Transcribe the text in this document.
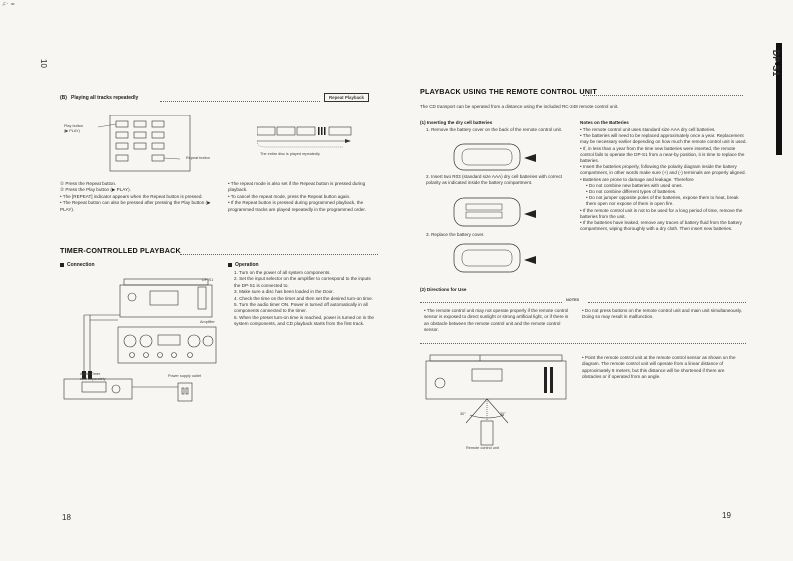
ぶ・ ıw
10	DP-S1
(B) Playing all tracks repeatedly	Repeat Playback
Play button
(▶ PLAY)
Repeat button
The entire disc is played repeatedly
① Press the Repeat button.
② Press the Play button (▶ PLAY).
• The [REPEAT] indicator appears when the Repeat button is pressed.
• The Repeat button can also be pressed after pressing the Play button (▶ PLAY).
• The repeat mode is also set if the Repeat button is pressed during playback.
• To cancel the repeat mode, press the Repeat button again.
• If the Repeat button is pressed during programmed playback, the programmed tracks are played repeatedly in the programmed order.
TIMER-CONTROLLED PLAYBACK
Connection	Operation
DP-S1
Amplifier
Audio Timer
sold separately
Power supply outlet
1. Turn on the power of all system components.
2. Set the input selector on the amplifier to correspond to the inputs the DP-S1 is connected to.
3. Make sure a disc has been loaded in the Door.
4. Check the time on the timer and then set the desired turn-on time.
5. Turn the audio timer ON. Power is turned off automatically in all components connected to the timer.
6. When the preset turn-on time is reached, power is turned on in the system components, and CD playback starts from the first track.
18
PLAYBACK USING THE REMOTE CONTROL UNIT
The CD transport can be operated from a distance using the included RC-248 remote control unit.
(1) Inserting the dry cell batteries
1. Remove the battery cover on the back of the remote control unit.
2. Insert two R03 (standard size AAA) dry cell batteries with correct polarity as indicated inside the battery compartment.
3. Replace the battery cover.
Notes on the Batteries
• The remote control unit uses standard size AAA dry cell batteries.
• The batteries will need to be replaced approximately once a year. Replacement may be necessary earlier depending on how much the remote control unit is used.
• If, in less than a year from the time new batteries were inserted, the remote control fails to operate the DP-S1 from a near-by position, it is time to replace the batteries.
• Insert the batteries properly, following the polarity diagram inside the battery compartment, in other words make sure (+) and (-) terminals are properly aligned.
• Batteries are prone to damage and leakage. Therefore
• Do not combine new batteries with used ones.
• Do not combine different types of batteries.
• Do not jumper opposite poles of the batteries, expose them to heat, break them open nor expose of them in open fire.
• If the remote control unit is not to be used for a long period of time, remove the batteries from the unit.
• If the batteries have leaked, remove any traces of battery fluid from the battery compartment, wiping thoroughly with a dry cloth. Then insert new batteries.
(2) Directions for Use
NOTES
• The remote control unit may not operate properly if the remote control sensor is exposed to direct sunlight or strong artificial light, or if there is an obstacle between the remote control unit and the remote control sensor.
• Do not press buttons on the remote control unit and main unit simultaneously. Doing so may result in malfunction.
30°	30°
Remote control unit
• Point the remote control unit at the remote control sensor as shown on the diagram. The remote control unit will operate from a linear distance of approximately 8 meters, but this distance will be shortened if there are obstacles or if operated from an angle.
19
